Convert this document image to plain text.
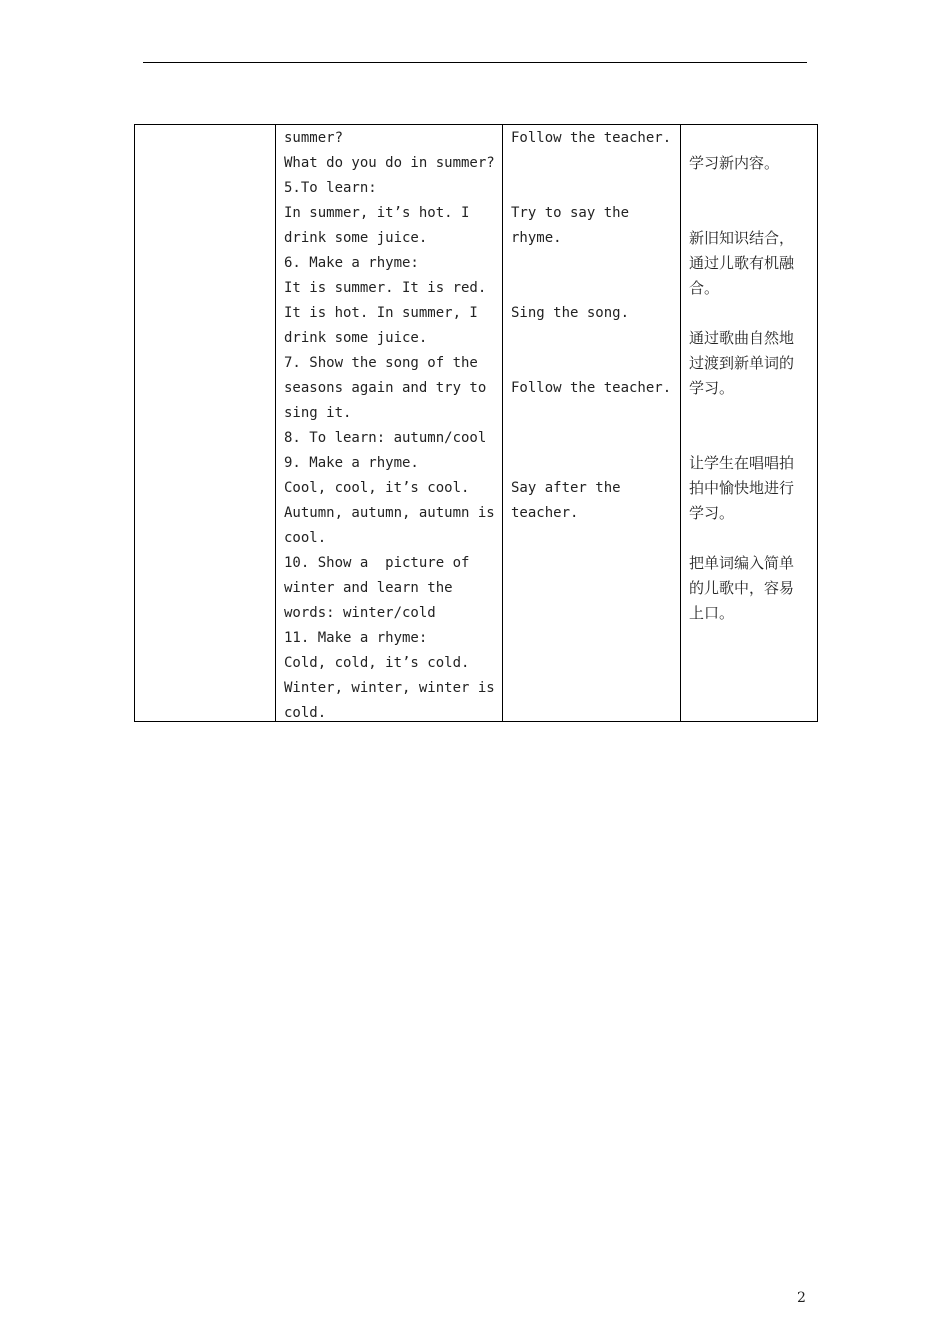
summer?
What do you do in summer?
5.To learn:
In summer, it’s hot. I
drink some juice.
6. Make a rhyme:
It is summer. It is red.
It is hot. In summer, I
drink some juice.
7. Show the song of the
seasons again and try to
sing it.
8. To learn: autumn/cool
9. Make a rhyme.
Cool, cool, it’s cool.
Autumn, autumn, autumn is
cool.
10. Show a  picture of
winter and learn the
words: winter/cold
11. Make a rhyme:
Cold, cold, it’s cold.
Winter, winter, winter is
cold.
Follow the teacher.
Try to say the
rhyme.
Sing the song.
Follow the teacher.
Say after the
teacher.
学习新内容。
新旧知识结合，
通过儿歌有机融
合。
通过歌曲自然地
过渡到新单词的
学习。
让学生在唱唱拍
拍中愉快地进行
学习。
把单词编入简单
的儿歌中，容易
上口。
2
